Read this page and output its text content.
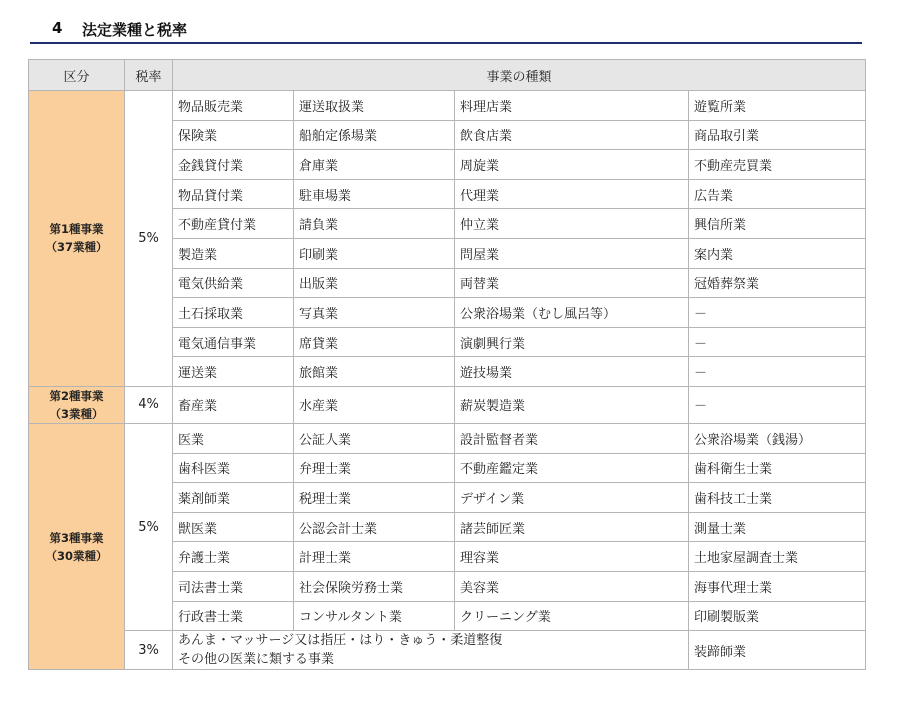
4 法定業種と税率
区分	税率	事業の種類			

第1種事業
（37業種）	5%	物品販売業	運送取扱業	料理店業	遊覧所業
		保険業	船舶定係場業	飲食店業	商品取引業
		金銭貸付業	倉庫業	周旋業	不動産売買業
		物品貸付業	駐車場業	代理業	広告業
		不動産貸付業	請負業	仲立業	興信所業
		製造業	印刷業	問屋業	案内業
		電気供給業	出版業	両替業	冠婚葬祭業
		土石採取業	写真業	公衆浴場業（むし風呂等）	－
		電気通信事業	席貸業	演劇興行業	－
		運送業	旅館業	遊技場業	－

第2種事業
（3業種）	4%	畜産業	水産業	薪炭製造業	－

第3種事業
（30業種）	5%	医業	公証人業	設計監督者業	公衆浴場業（銭湯）
		歯科医業	弁理士業	不動産鑑定業	歯科衛生士業
		薬剤師業	税理士業	デザイン業	歯科技工士業
		獣医業	公認会計士業	諸芸師匠業	測量士業
		弁護士業	計理士業	理容業	土地家屋調査士業
		司法書士業	社会保険労務士業	美容業	海事代理士業
		行政書士業	コンサルタント業	クリーニング業	印刷製版業
	3%	あんま・マッサージ又は指圧・はり・きゅう・柔道整復
その他の医業に類する事業			装蹄師業
